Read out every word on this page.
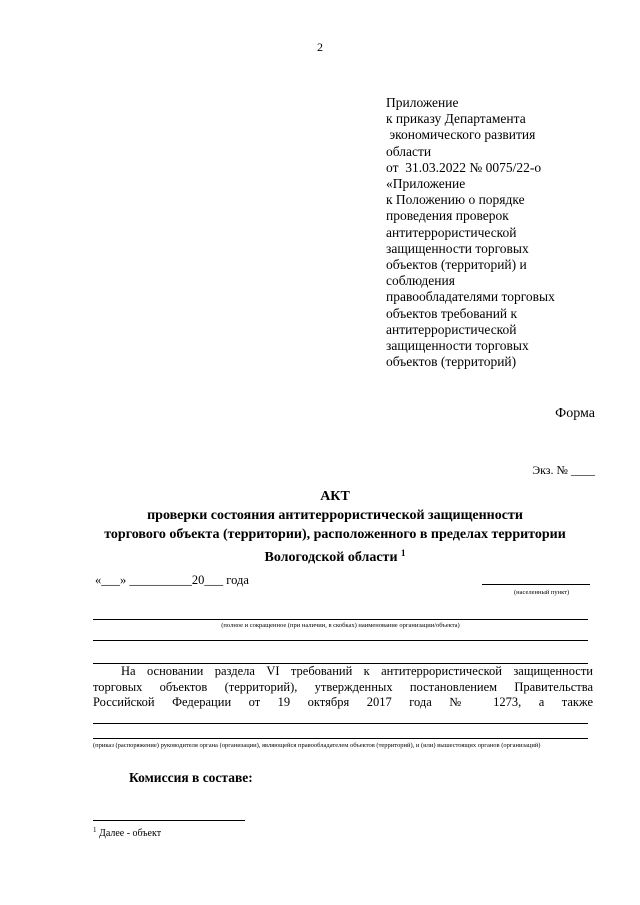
2
Приложение
к приказу Департамента
экономического развития
области
от  31.03.2022 № 0075/22-о
«Приложение
к Положению о порядке
проведения проверок
антитеррористической
защищенности торговых
объектов (территорий) и
соблюдения
правообладателями торговых
объектов требований к
антитеррористической
защищенности торговых
объектов (территорий)
Форма
Экз. № ____
АКТ
проверки состояния антитеррористической защищенности
торгового объекта (территории), расположенного в пределах территории
Вологодской области $^1$
«___» __________20___ года
(населенный пункт)
(полное и сокращенное (при наличии, в скобках) наименование организации/объекта)
На основании раздела VI требований к антитеррористической защищенности
торговых объектов (территорий), утвержденных постановлением Правительства
Российской Федерации от 19 октября 2017 года № 1273, а также
(приказ (распоряжение) руководителя органа (организации), являющейся правообладателем объектов (территорий), и (или) вышестоящих органов (организаций)
Комиссия в составе:
$^1$ Далее - объект
